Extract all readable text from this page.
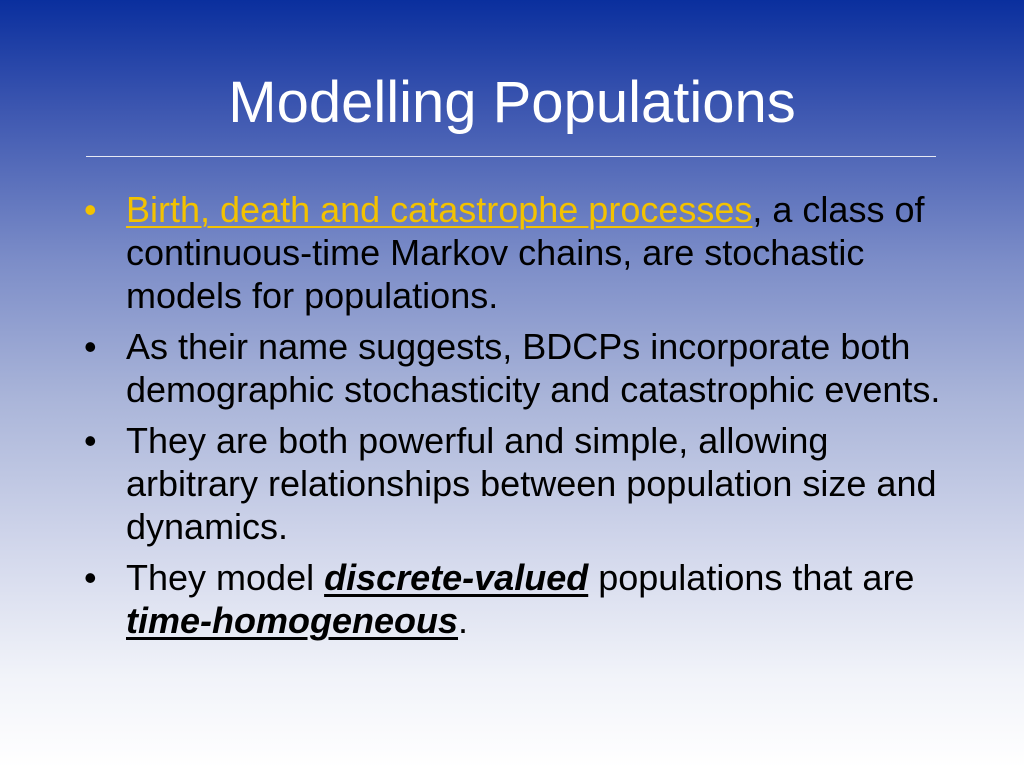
Modelling Populations
• Birth, death and catastrophe processes, a class of continuous-time Markov chains, are stochastic models for populations.
• As their name suggests, BDCPs incorporate both demographic stochasticity and catastrophic events.
• They are both powerful and simple, allowing arbitrary relationships between population size and dynamics.
• They model discrete-valued populations that are time-homogeneous.
